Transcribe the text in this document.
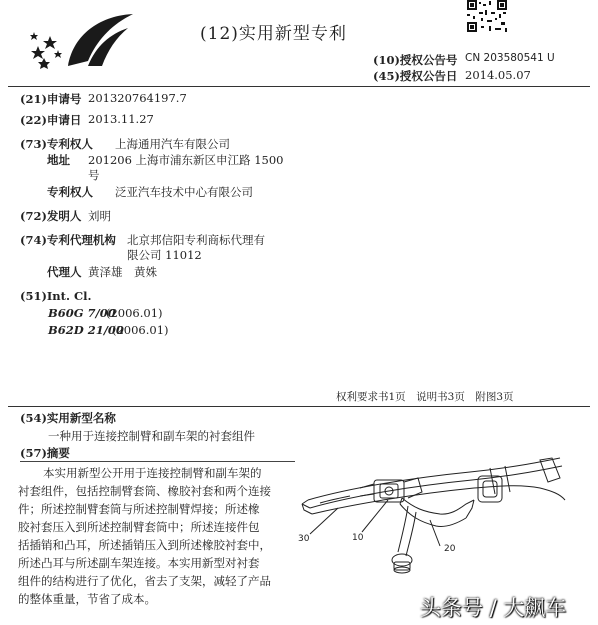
(12)实用新型专利
(10)授权公告号 CN 203580541 U
(45)授权公告日 2014.05.07
(21)申请号 201320764197.7
(22)申请日 2013.11.27
(73)专利权人 上海通用汽车有限公司
地址 201206 上海市浦东新区申江路 1500
号
专利权人 泛亚汽车技术中心有限公司
(72)发明人 刘明
(74)专利代理机构 北京邦信阳专利商标代理有
限公司 11012
代理人 黄泽雄　黄姝
(51)Int. Cl.
B60G 7/00
(2006.01)
B62D 21/00
(2006.01)
权利要求书1页　说明书3页　附图3页
(54)实用新型名称
一种用于连接控制臂和副车架的衬套组件
(57)摘要
本实用新型公开用于连接控制臂和副车架的
衬套组件，包括控制臂套筒、橡胶衬套和两个连接
件；所述控制臂套筒与所述控制臂焊接；所述橡
胶衬套压入到所述控制臂套筒中；所述连接件包
括插销和凸耳，所述插销压入到所述橡胶衬套中，
所述凸耳与所述副车架连接。本实用新型对衬套
组件的结构进行了优化，省去了支架，减轻了产品
的整体重量，节省了成本。
30	10
20
头条号 / 大飙车
